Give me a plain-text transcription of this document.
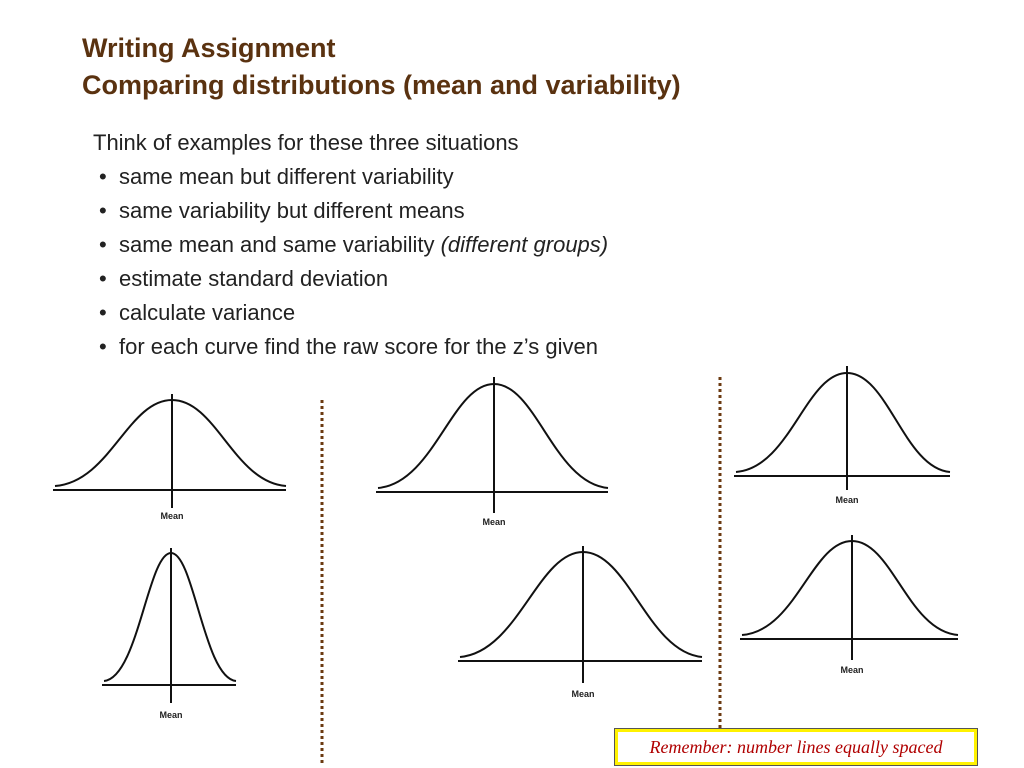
Writing Assignment
Comparing distributions (mean and variability)
Think of examples for these three situations
• same mean but different variability
• same variability but different means
• same mean and same variability (different groups)
• estimate standard deviation
• calculate variance
• for each curve find the raw score for the z’s given
Mean
Mean
Mean
Mean
Mean
Mean
Remember: number lines equally spaced
